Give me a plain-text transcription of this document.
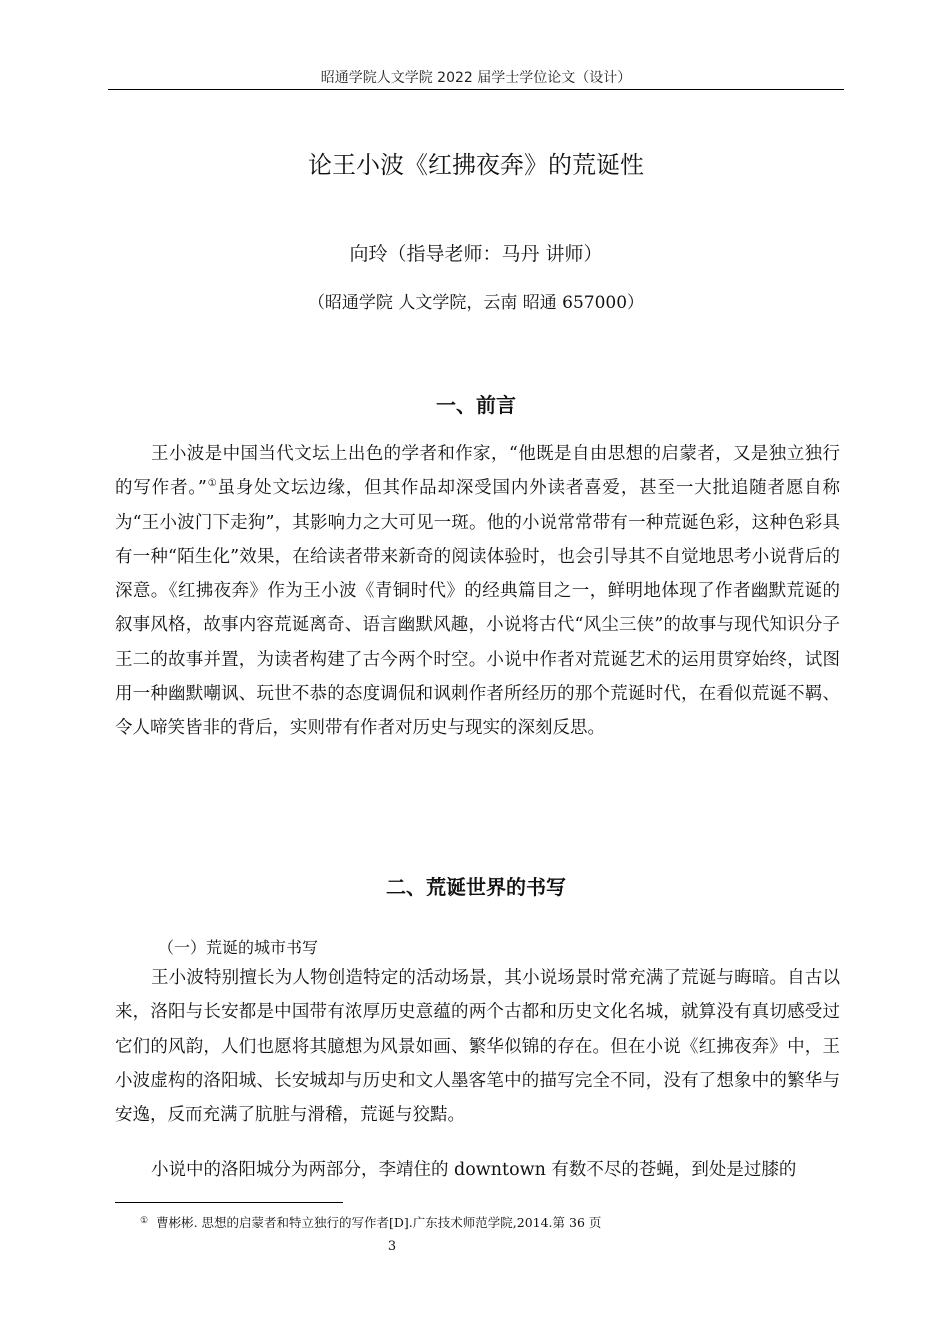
昭通学院人文学院 2022 届学士学位论文（设计）
论王小波《红拂夜奔》的荒诞性
向玲（指导老师：马丹 讲师）
（昭通学院 人文学院，云南 昭通 657000）
一、前言

王小波是中国当代文坛上出色的学者和作家，“他既是自由思想的启蒙者，又是独立独行的写作者。”①虽身处文坛边缘，但其作品却深受国内外读者喜爱，甚至一大批追随者愿自称为“王小波门下走狗”，其影响力之大可见一斑。他的小说常常带有一种荒诞色彩，这种色彩具有一种“陌生化”效果，在给读者带来新奇的阅读体验时，也会引导其不自觉地思考小说背后的深意。《红拂夜奔》作为王小波《青铜时代》的经典篇目之一，鲜明地体现了作者幽默荒诞的叙事风格，故事内容荒诞离奇、语言幽默风趣，小说将古代“风尘三侠”的故事与现代知识分子王二的故事并置，为读者构建了古今两个时空。小说中作者对荒诞艺术的运用贯穿始终，试图用一种幽默嘲讽、玩世不恭的态度调侃和讽刺作者所经历的那个荒诞时代，在看似荒诞不羁、令人啼笑皆非的背后，实则带有作者对历史与现实的深刻反思。

二、荒诞世界的书写
（一）荒诞的城市书写

王小波特别擅长为人物创造特定的活动场景，其小说场景时常充满了荒诞与晦暗。自古以来，洛阳与长安都是中国带有浓厚历史意蕴的两个古都和历史文化名城，就算没有真切感受过它们的风韵，人们也愿将其臆想为风景如画、繁华似锦的存在。但在小说《红拂夜奔》中，王小波虚构的洛阳城、长安城却与历史和文人墨客笔中的描写完全不同，没有了想象中的繁华与安逸，反而充满了肮脏与滑稽，荒诞与狡黠。

小说中的洛阳城分为两部分，李靖住的 downtown 有数不尽的苍蝇，到处是过膝的

① 曹彬彬. 思想的启蒙者和特立独行的写作者[D].广东技术师范学院,2014.第 36 页
3
